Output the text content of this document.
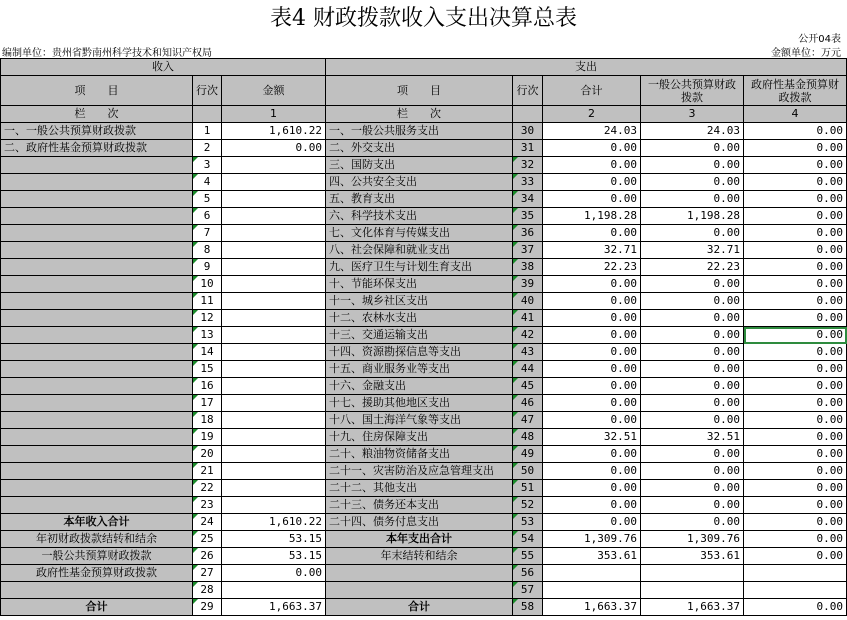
表4 财政拨款收入支出决算总表
公开04表
编制单位：贵州省黔南州科学技术和知识产权局	金额单位：万元
收入			支出				
项　　目	行次	金额	项　　目	行次	合计	一般公共预算财政拨款	政府性基金预算财政拨款
栏　　次		1	栏　　次		2	3	4
一、一般公共预算财政拨款	1	1,610.22	一、一般公共服务支出	30	24.03	24.03	0.00
二、政府性基金预算财政拨款	2	0.00	二、外交支出	31	0.00	0.00	0.00
	3		三、国防支出	32	0.00	0.00	0.00
	4		四、公共安全支出	33	0.00	0.00	0.00
	5		五、教育支出	34	0.00	0.00	0.00
	6		六、科学技术支出	35	1,198.28	1,198.28	0.00
	7		七、文化体育与传媒支出	36	0.00	0.00	0.00
	8		八、社会保障和就业支出	37	32.71	32.71	0.00
	9		九、医疗卫生与计划生育支出	38	22.23	22.23	0.00
	10		十、节能环保支出	39	0.00	0.00	0.00
	11		十一、城乡社区支出	40	0.00	0.00	0.00
	12		十二、农林水支出	41	0.00	0.00	0.00
	13		十三、交通运输支出	42	0.00	0.00	0.00
	14		十四、资源勘探信息等支出	43	0.00	0.00	0.00
	15		十五、商业服务业等支出	44	0.00	0.00	0.00
	16		十六、金融支出	45	0.00	0.00	0.00
	17		十七、援助其他地区支出	46	0.00	0.00	0.00
	18		十八、国土海洋气象等支出	47	0.00	0.00	0.00
	19		十九、住房保障支出	48	32.51	32.51	0.00
	20		二十、粮油物资储备支出	49	0.00	0.00	0.00
	21		二十一、灾害防治及应急管理支出	50	0.00	0.00	0.00
	22		二十二、其他支出	51	0.00	0.00	0.00
	23		二十三、债务还本支出	52	0.00	0.00	0.00
本年收入合计	24	1,610.22	二十四、债务付息支出	53	0.00	0.00	0.00
年初财政拨款结转和结余	25	53.15	本年支出合计	54	1,309.76	1,309.76	0.00
一般公共预算财政拨款	26	53.15	年末结转和结余	55	353.61	353.61	0.00
政府性基金预算财政拨款	27	0.00		56			
	28			57			
合计	29	1,663.37	合计	58	1,663.37	1,663.37	0.00
